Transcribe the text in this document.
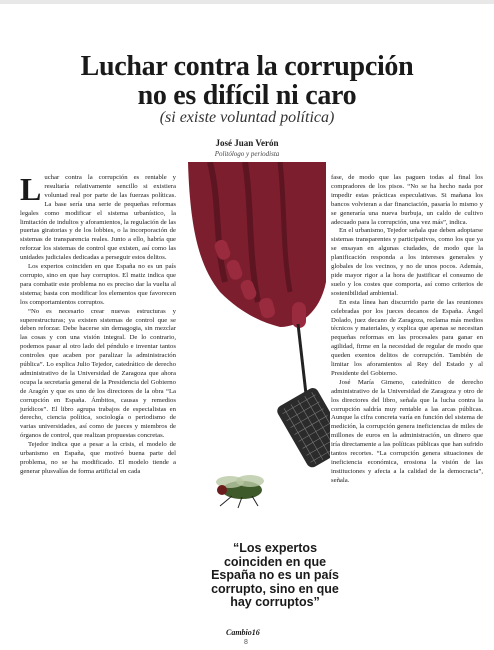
Luchar contra la corrupción
no es difícil ni caro
(si existe voluntad política)
José Juan Verón
Politólogo y periodista

Luchar contra la corrupción es rentable y resultaría relativamente sencillo si existiera voluntad real por parte de las fuerzas políticas. La base sería una serie de pequeñas reformas legales como modificar el sistema urbanístico, la limitación de indultos y aforamientos, la regulación de las puertas giratorias y de los lobbies, o la incorporación de sistemas de transparencia reales. Junto a ello, habría que reforzar los sistemas de control que existen, así como las unidades judiciales dedicadas a perseguir estos delitos.

Los expertos coinciden en que España no es un país corrupto, sino en que hay corruptos. El matiz indica que para combatir este problema no es preciso dar la vuelta al sistema; basta con modificar los elementos que favorecen los comportamientos corruptos.

“No es necesario crear nuevas estructuras y superestructuras; ya existen sistemas de control que se deben reforzar. Debe hacerse sin demagogia, sin mezclar las cosas y con una visión integral. De lo contrario, podemos pasar al otro lado del péndulo e inventar tantos controles que acaben por paralizar la administración pública”. Lo explica Julio Tejedor, catedrático de derecho administrativo de la Universidad de Zaragoza que ahora ocupa la secretaría general de la Presidencia del Gobierno de Aragón y que es uno de los directores de la obra “La corrupción en España. Ámbitos, causas y remedios jurídicos”. El libro agrupa trabajos de especialistas en derecho, ciencia política, sociología o periodismo de varias universidades, así como de jueces y miembros de órganos de control, que realizan propuestas concretas.

Tejedor indica que a pesar a la crisis, el modelo de urbanismo en España, que motivó buena parte del problema, no se ha modificado. El modelo tiende a generar plusvalías de forma artificial en cada

“Los expertos coinciden en que España no es un país corrupto, sino en que hay corruptos”

fase, de modo que las paguen todas al final los compradores de los pisos. “No se ha hecho nada por impedir estas prácticas especulativas. Si mañana los bancos volvieran a dar financiación, pasaría lo mismo y se generaría una nueva burbuja, un caldo de cultivo adecuado para la corrupción, una vez más”, indica.

En el urbanismo, Tejedor señala que deben adoptarse sistemas transparentes y participativos, como los que ya se ensayan en algunas ciudades, de modo que la planificación responda a los intereses generales y globales de los vecinos, y no de unos pocos. Además, pide mayor rigor a la hora de justificar el consumo de suelo y los costes que comporta, así como criterios de sostenibilidad ambiental.

En esta línea han discurrido parte de las reuniones celebradas por los jueces decanos de España. Ángel Dolado, juez decano de Zaragoza, reclama más medios técnicos y materiales, y explica que apenas se necesitan pequeñas reformas en las procesales para ganar en agilidad, firme en la necesidad de regular de modo que queden exentos delitos de corrupción. También de limitar los aforamientos al Rey del Estado y al Presidente del Gobierno.

José María Gimeno, catedrático de derecho administrativo de la Universidad de Zaragoza y otro de los directores del libro, señala que la lucha contra la corrupción saldría muy rentable a las arcas públicas. Aunque la cifra concreta varía en función del sistema de medición, la corrupción genera ineficiencias de miles de millones de euros en la administración, un dinero que iría directamente a las políticas públicas que han sufrido tantos recortes. “La corrupción genera situaciones de ineficiencia económica, erosiona la visión de las instituciones y afecta a la calidad de la democracia”, señala.

Cambio16
8
